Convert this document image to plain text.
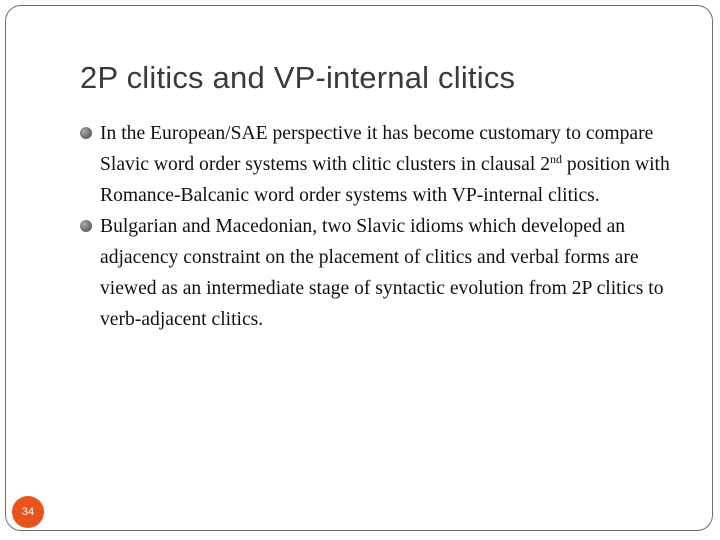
2P clitics and VP-internal clitics
In the European/SAE perspective it has become customary to compare Slavic word order systems with clitic clusters in clausal 2nd position with Romance-Balcanic word order systems with VP-internal clitics.
Bulgarian and Macedonian, two Slavic idioms which developed an adjacency constraint on the placement of clitics and verbal forms are viewed as an intermediate stage of syntactic evolution from 2P clitics to verb-adjacent clitics.
34
